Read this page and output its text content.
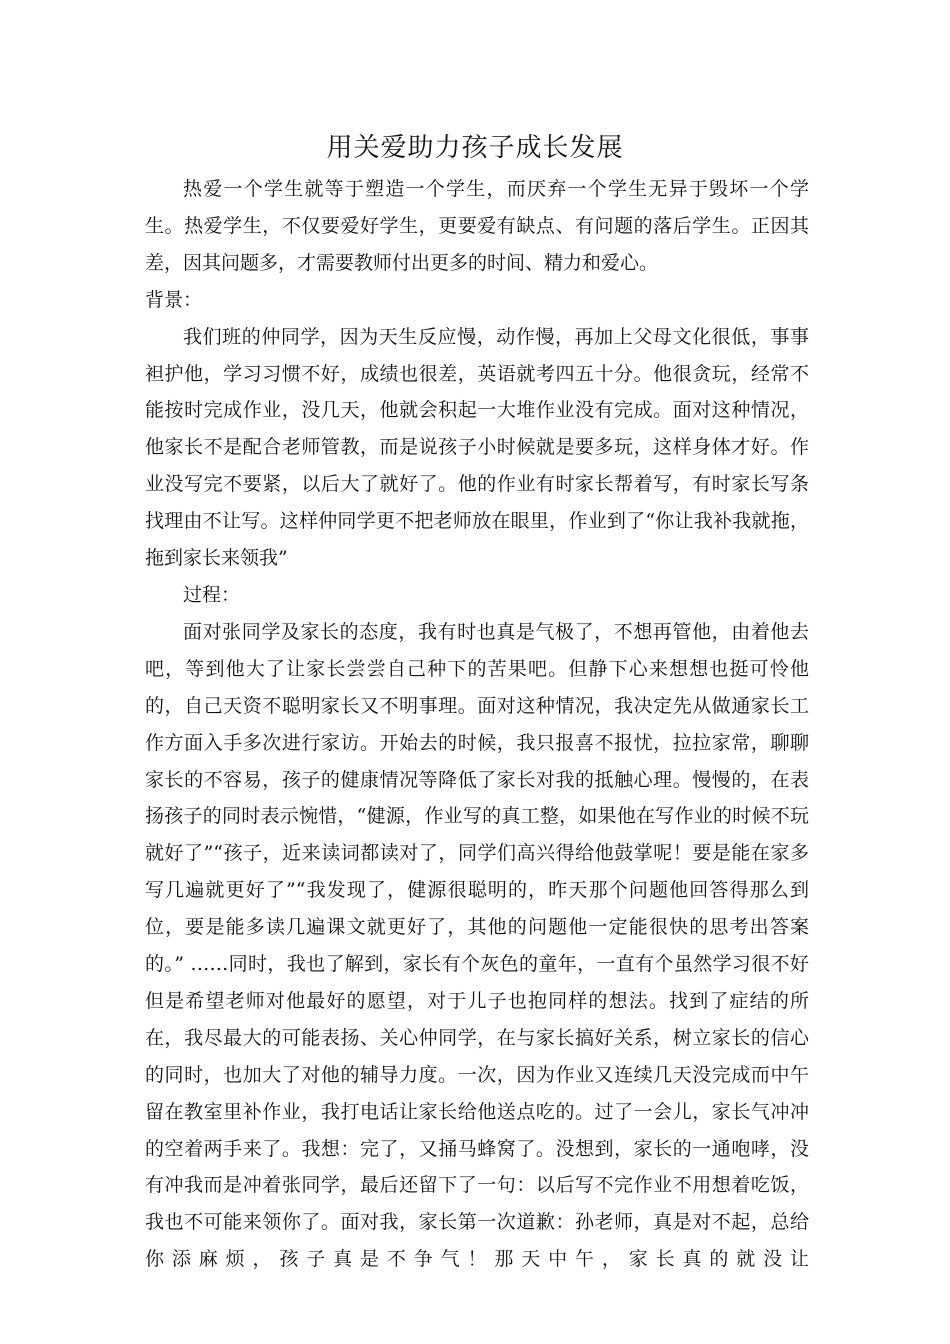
用关爱助力孩子成长发展

热爱一个学生就等于塑造一个学生，而厌弃一个学生无异于毁坏一个学生。热爱学生，不仅要爱好学生，更要爱有缺点、有问题的落后学生。正因其差，因其问题多，才需要教师付出更多的时间、精力和爱心。

背景：

我们班的仲同学，因为天生反应慢，动作慢，再加上父母文化很低，事事袒护他，学习习惯不好，成绩也很差，英语就考四五十分。他很贪玩，经常不能按时完成作业，没几天，他就会积起一大堆作业没有完成。面对这种情况，他家长不是配合老师管教，而是说孩子小时候就是要多玩，这样身体才好。作业没写完不要紧，以后大了就好了。他的作业有时家长帮着写，有时家长写条找理由不让写。这样仲同学更不把老师放在眼里，作业到了“你让我补我就拖，拖到家长来领我”

过程：

面对张同学及家长的态度，我有时也真是气极了，不想再管他，由着他去吧，等到他大了让家长尝尝自己种下的苦果吧。但静下心来想想也挺可怜他的，自己天资不聪明家长又不明事理。面对这种情况，我决定先从做通家长工作方面入手多次进行家访。开始去的时候，我只报喜不报忧，拉拉家常，聊聊家长的不容易，孩子的健康情况等降低了家长对我的抵触心理。慢慢的，在表扬孩子的同时表示惋惜，“健源，作业写的真工整，如果他在写作业的时候不玩就好了”“孩子，近来读词都读对了，同学们高兴得给他鼓掌呢！要是能在家多写几遍就更好了”“我发现了，健源很聪明的，昨天那个问题他回答得那么到位，要是能多读几遍课文就更好了，其他的问题他一定能很快的思考出答案的。” ……同时，我也了解到，家长有个灰色的童年，一直有个虽然学习很不好但是希望老师对他最好的愿望，对于儿子也抱同样的想法。找到了症结的所在，我尽最大的可能表扬、关心仲同学，在与家长搞好关系，树立家长的信心的同时，也加大了对他的辅导力度。一次，因为作业又连续几天没完成而中午留在教室里补作业，我打电话让家长给他送点吃的。过了一会儿，家长气冲冲的空着两手来了。我想：完了，又捅马蜂窝了。没想到，家长的一通咆哮，没有冲我而是冲着张同学，最后还留下了一句：以后写不完作业不用想着吃饭，我也不可能来领你了。面对我，家长第一次道歉：孙老师，真是对不起，总给你添麻烦，孩子真是不争气！那天中午，家长真的就没让
